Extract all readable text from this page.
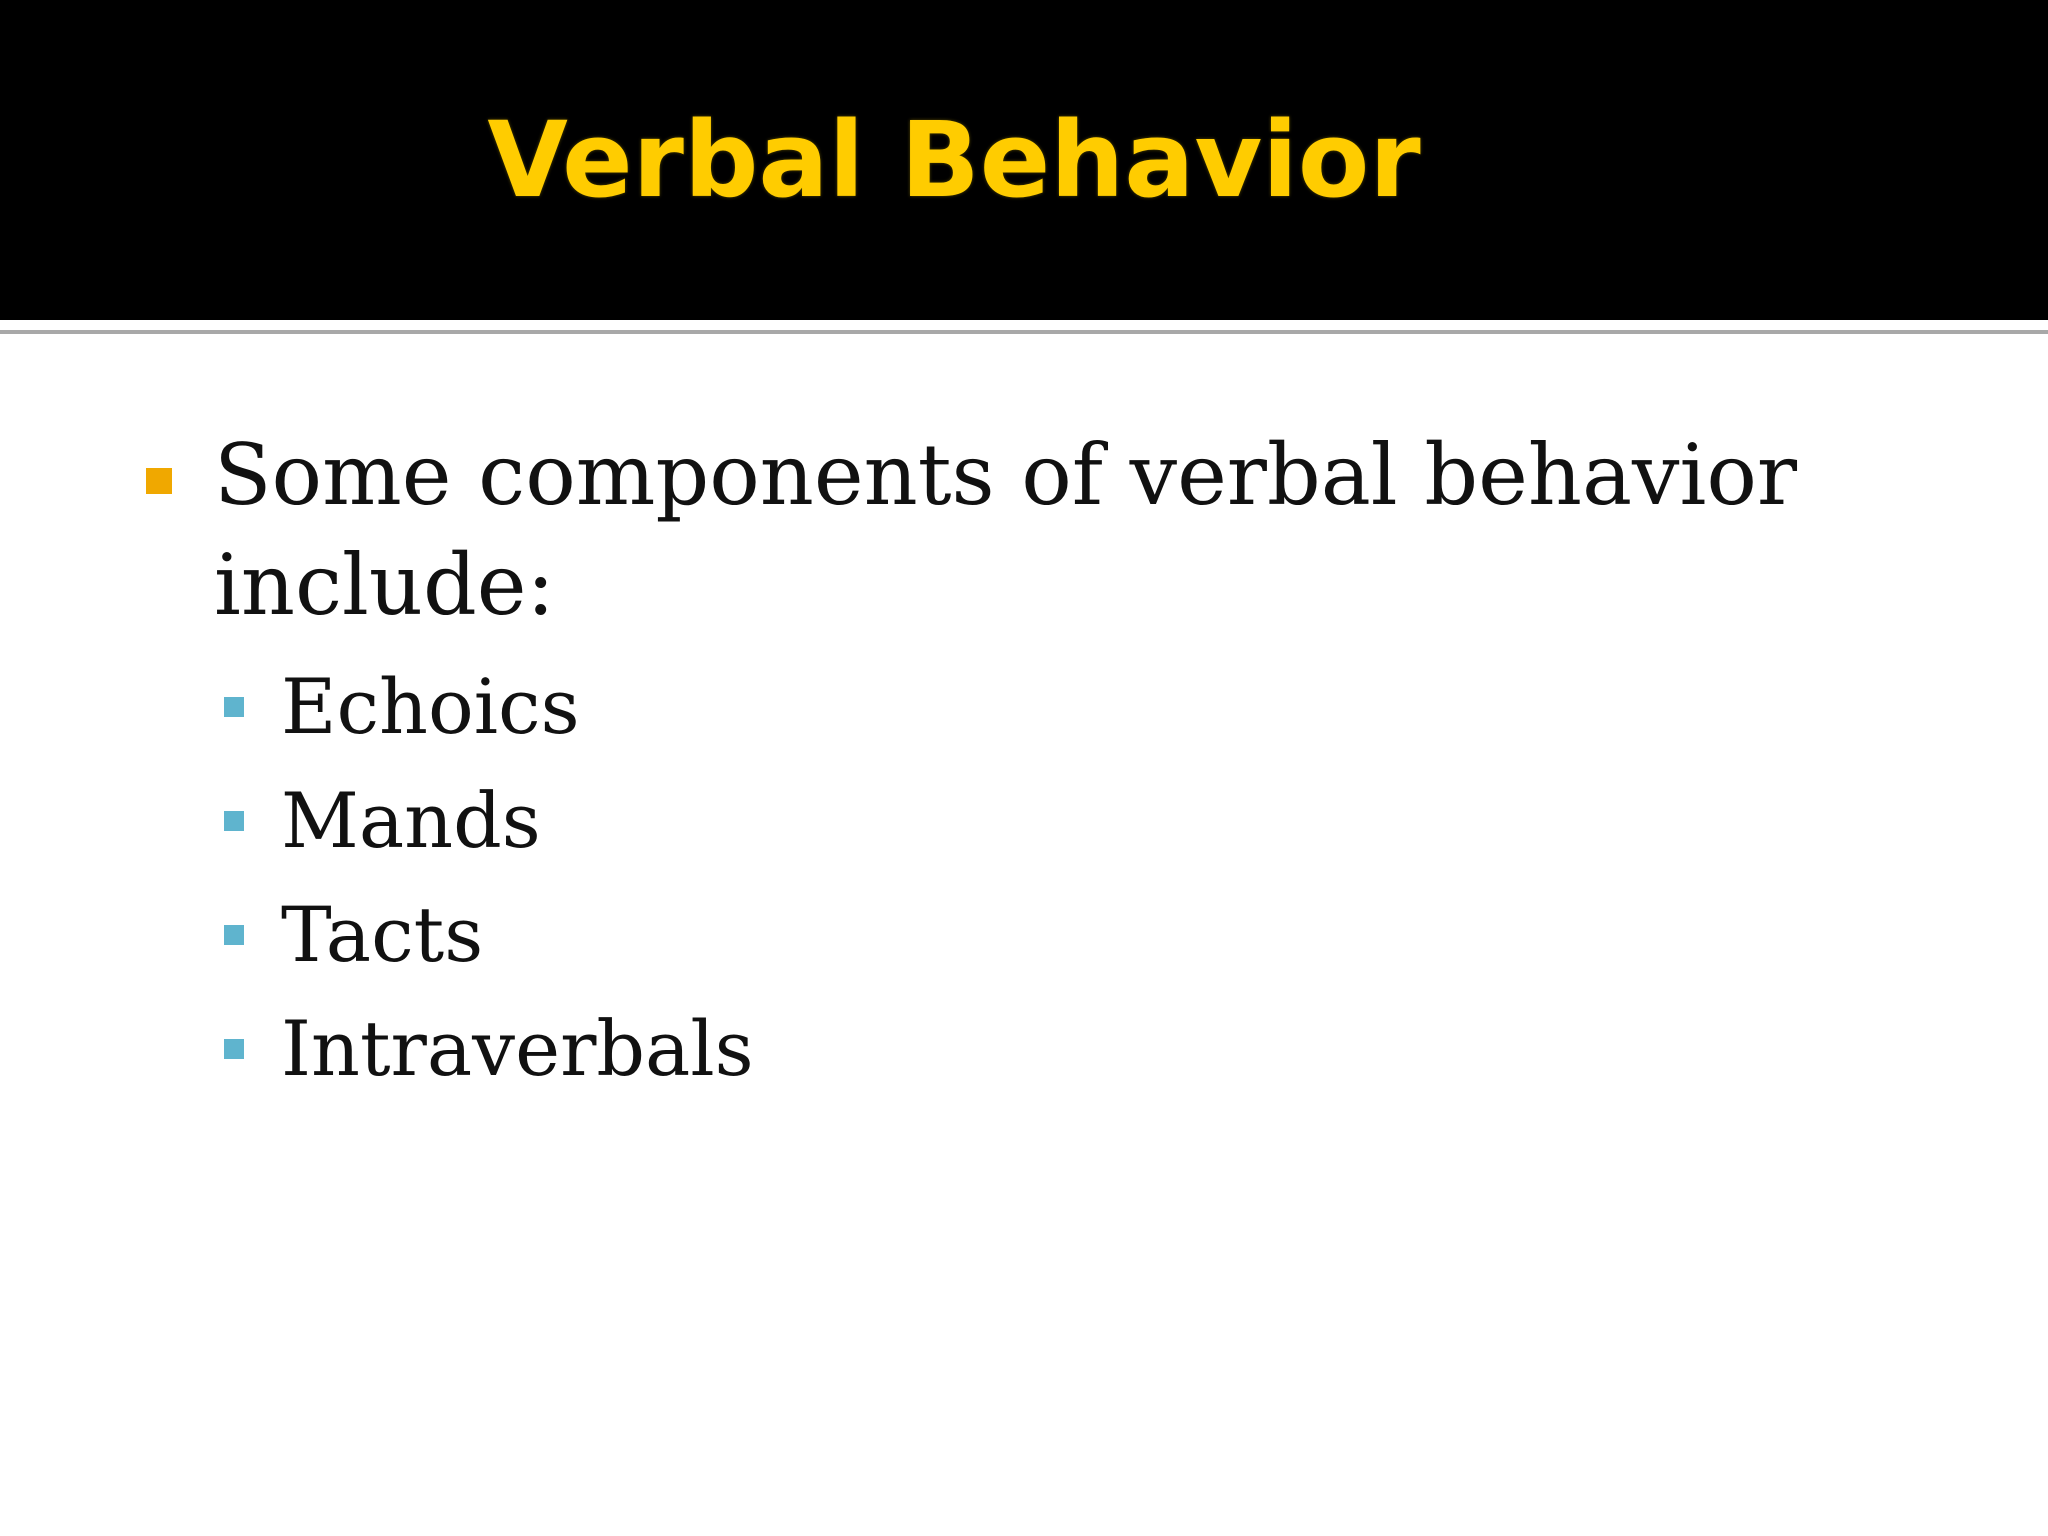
Verbal Behavior
Some components of verbal behavior
include:
Echoics
Mands
Tacts
Intraverbals
